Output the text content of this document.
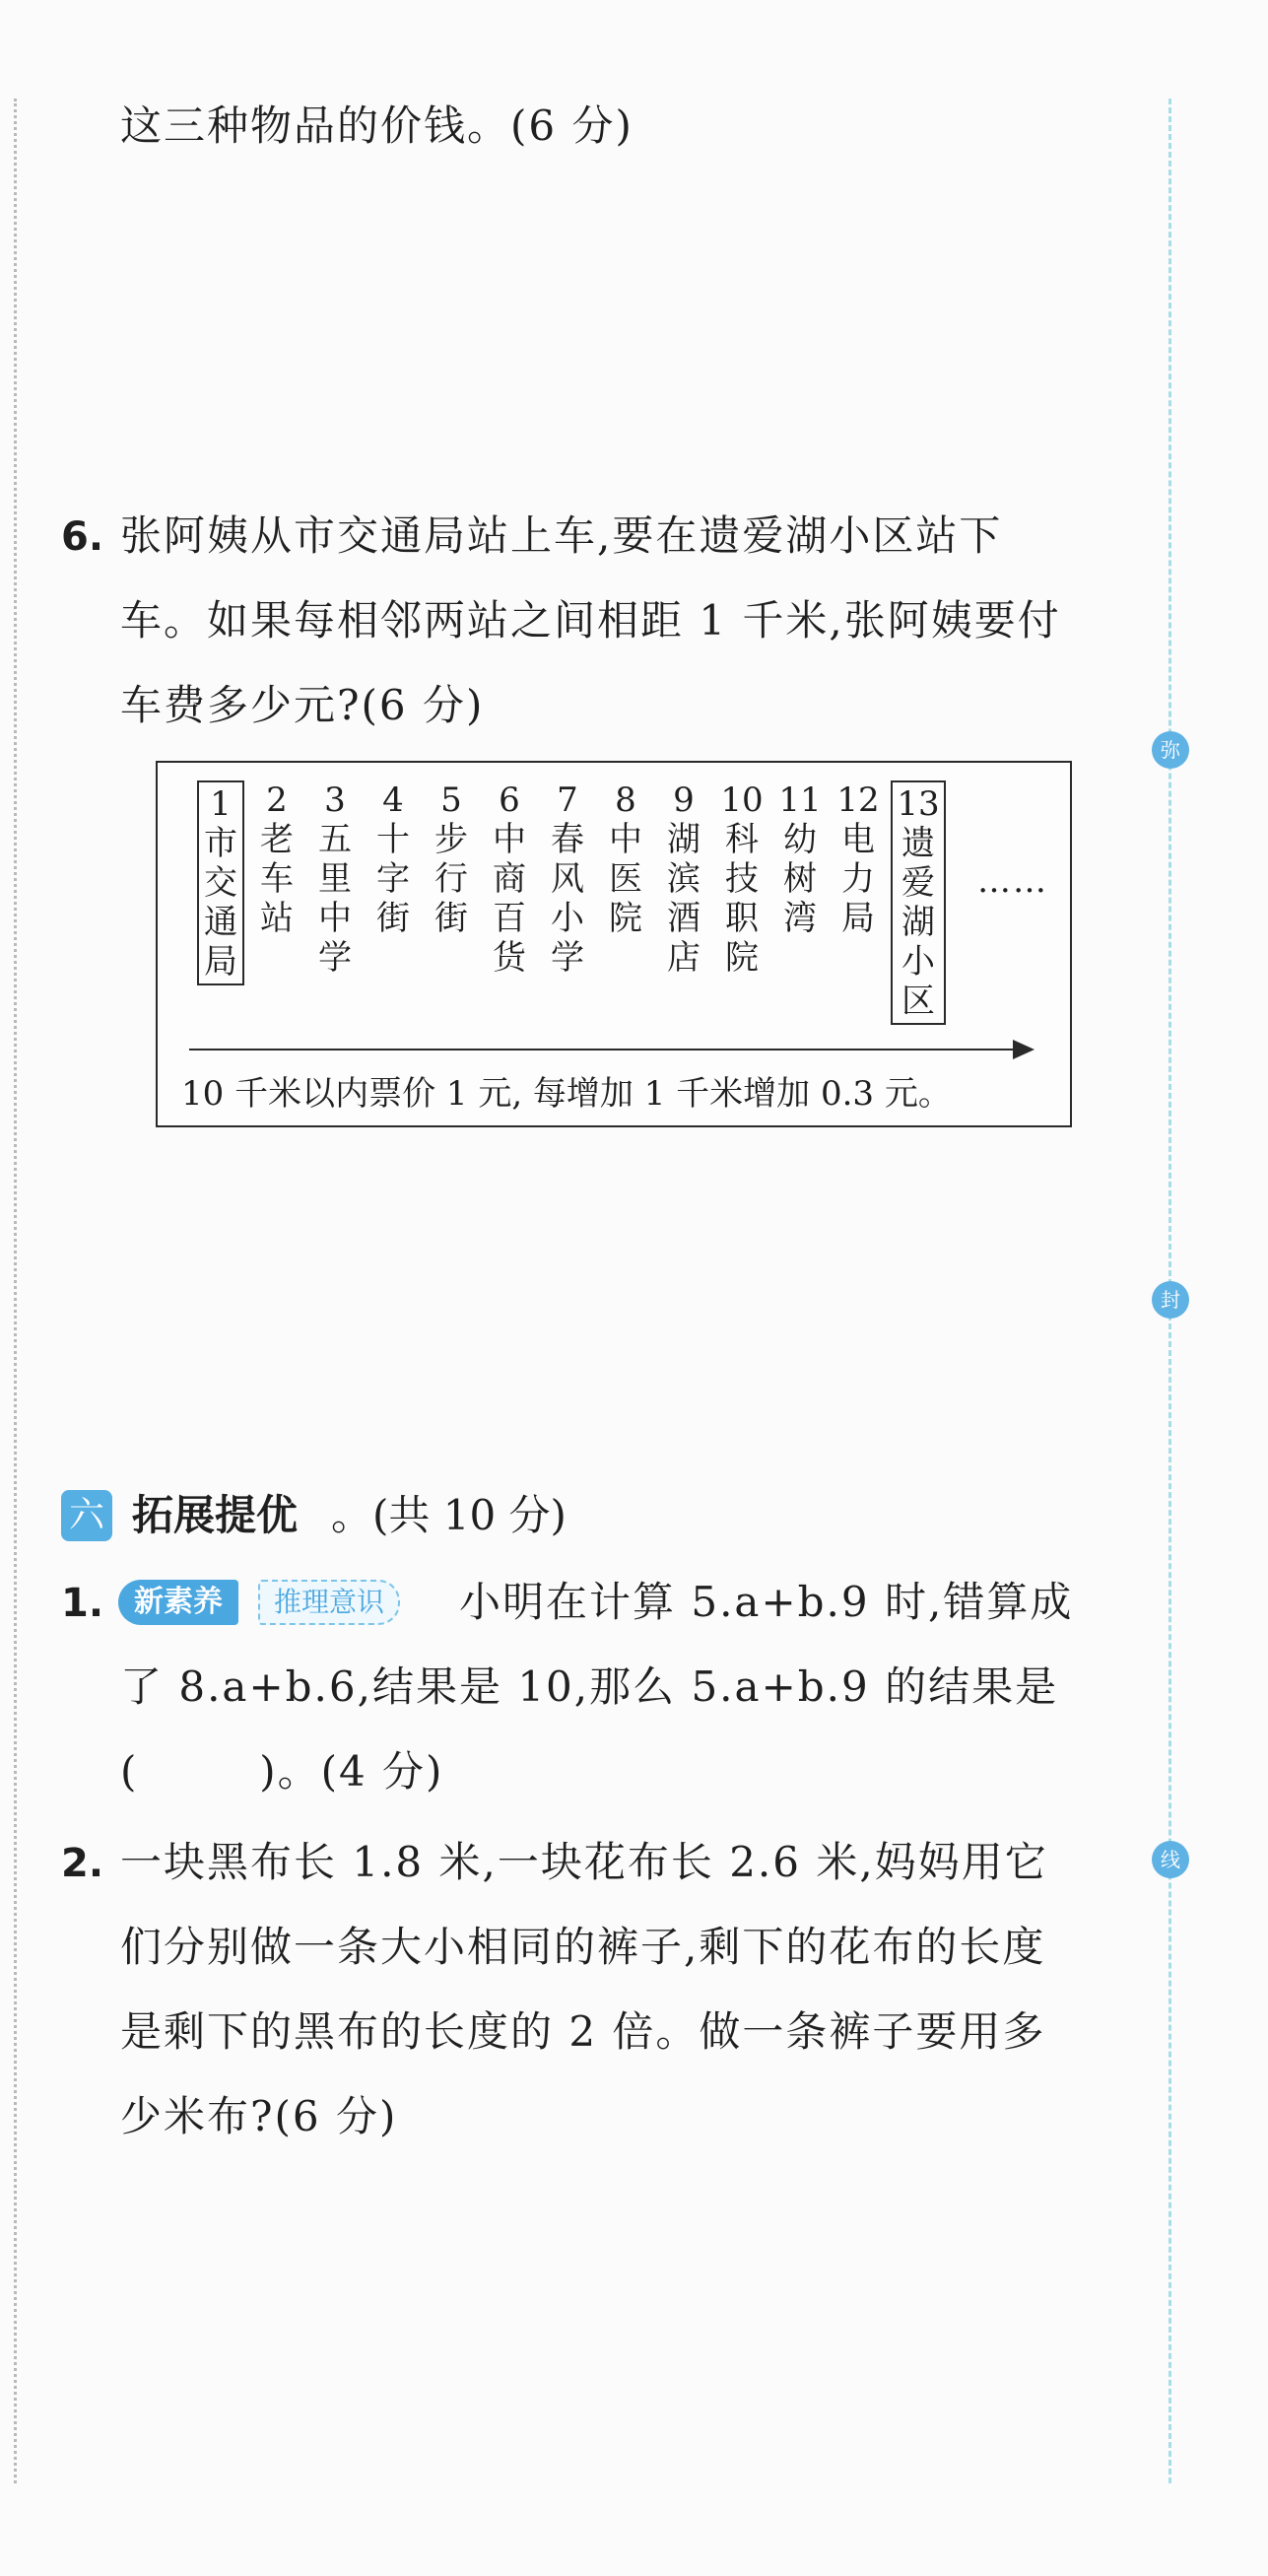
弥
封
线
这三种物品的价钱。(6 分)
6. 张阿姨从市交通局站上车,要在遗爱湖小区站下
车。如果每相邻两站之间相距 1 千米,张阿姨要付
车费多少元?(6 分)
1
市
交
通
局
2
老
车
站
3
五
里
中
学
4
十
字
街
5
步
行
街
6
中
商
百
货
7
春
风
小
学
8
中
医
院
9
湖
滨
酒
店
10
科
技
职
院
11
幼
树
湾
12
电
力
局
13
遗
爱
湖
小
区
……
10 千米以内票价 1 元, 每增加 1 千米增加 0.3 元。
六 拓展提优 。(共 10 分)
1.	新素养	推理意识	小明在计算 5.a+b.9 时,错算成
了 8.a+b.6,结果是 10,那么 5.a+b.9 的结果是
(        )。(4 分)
2. 一块黑布长 1.8 米,一块花布长 2.6 米,妈妈用它
们分别做一条大小相同的裤子,剩下的花布的长度
是剩下的黑布的长度的 2 倍。做一条裤子要用多
少米布?(6 分)
